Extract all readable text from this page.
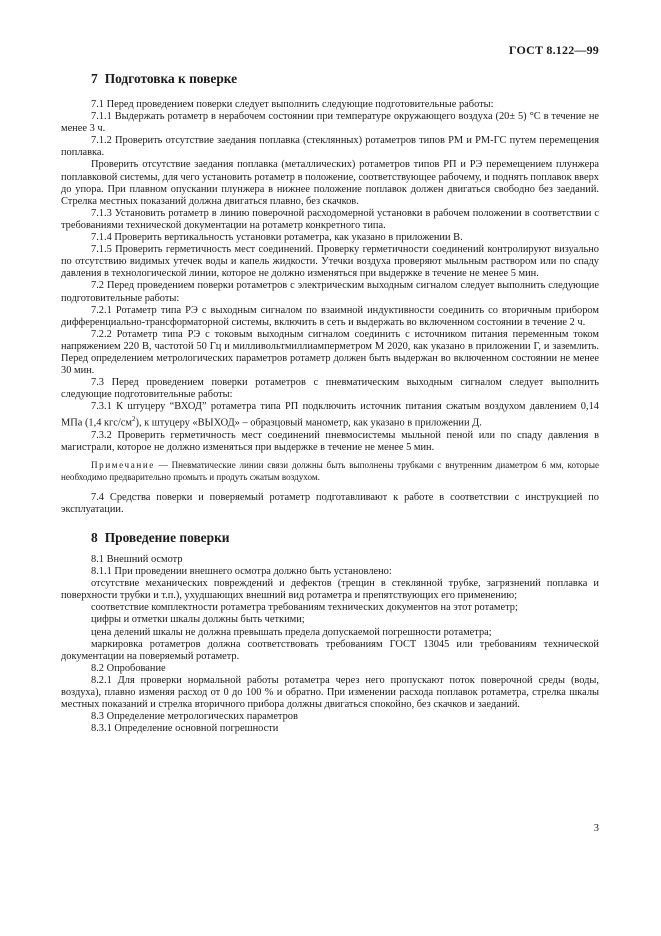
ГОСТ 8.122—99
7 Подготовка к поверке

7.1 Перед проведением поверки следует выполнить следующие подготовительные работы:

7.1.1 Выдержать ротаметр в нерабочем состоянии при температуре окружающего воздуха (20± 5) °С в течение не менее 3 ч.

7.1.2 Проверить отсутствие заедания поплавка (стеклянных) ротаметров типов РМ и РМ-ГС путем перемещения поплавка.

Проверить отсутствие заедания поплавка (металлических) ротаметров типов РП и РЭ перемещением плунжера поплавковой системы, для чего установить ротаметр в положение, соответствующее рабочему, и поднять поплавок вверх до упора. При плавном опускании плунжера в нижнее положение поплавок должен двигаться свободно без заеданий. Стрелка местных показаний должна двигаться плавно, без скачков.

7.1.3 Установить ротаметр в линию поверочной расходомерной установки в рабочем положении в соответствии с требованиями технической документации на ротаметр конкретного типа.

7.1.4 Проверить вертикальность установки ротаметра, как указано в приложении В.

7.1.5 Проверить герметичность мест соединений. Проверку герметичности соединений контролируют визуально по отсутствию видимых утечек воды и капель жидкости. Утечки воздуха проверяют мыльным раствором или по спаду давления в технологической линии, которое не должно изменяться при выдержке в течение не менее 5 мин.

7.2 Перед проведением поверки ротаметров с электрическим выходным сигналом следует выполнить следующие подготовительные работы:

7.2.1 Ротаметр типа РЭ с выходным сигналом по взаимной индуктивности соединить со вторичным прибором дифференциально-трансформаторной системы, включить в сеть и выдержать во включенном состоянии в течение 2 ч.

7.2.2 Ротаметр типа РЭ с токовым выходным сигналом соединить с источником питания переменным током напряжением 220 В, частотой 50 Гц и милливольтмиллиамперметром М 2020, как указано в приложении Г, и заземлить. Перед определением метрологических параметров ротаметр должен быть выдержан во включенном состоянии не менее 30 мин.

7.3 Перед проведением поверки ротаметров с пневматическим выходным сигналом следует выполнить следующие подготовительные работы:

7.3.1 К штуцеру “ВХОД” ротаметра типа РП подключить источник питания сжатым воздухом давлением 0,14 МПа (1,4 кгс/$см^2$), к штуцеру «ВЫХОД» – образцовый манометр, как указано в приложении Д.

7.3.2 Проверить герметичность мест соединений пневмосистемы мыльной пеной или по спаду давления в магистрали, которое не должно изменяться при выдержке в течение не менее 5 мин.

Примечание — Пневматические линии связи должны быть выполнены трубками с внутренним диаметром 6 мм, которые необходимо предварительно промыть и продуть сжатым воздухом.

7.4 Средства поверки и поверяемый ротаметр подготавливают к работе в соответствии с инструкцией по эксплуатации.

8 Проведение поверки

8.1 Внешний осмотр

8.1.1 При проведении внешнего осмотра должно быть установлено:

отсутствие механических повреждений и дефектов (трещин в стеклянной трубке, загрязнений поплавка и поверхности трубки и т.п.), ухудшающих внешний вид ротаметра и препятствующих его применению;

соответствие комплектности ротаметра требованиям технических документов на этот ротаметр;

цифры и отметки шкалы должны быть четкими;

цена делений шкалы не должна превышать предела допускаемой погрешности ротаметра;

маркировка ротаметров должна соответствовать требованиям ГОСТ 13045 или требованиям технической документации на поверяемый ротаметр.

8.2 Опробование

8.2.1 Для проверки нормальной работы ротаметра через него пропускают поток поверочной среды (воды, воздуха), плавно изменяя расход от 0 до 100 % и обратно. При изменении расхода поплавок ротаметра, стрелка шкалы местных показаний и стрелка вторичного прибора должны двигаться спокойно, без скачков и заеданий.

8.3 Определение метрологических параметров

8.3.1 Определение основной погрешности

3
